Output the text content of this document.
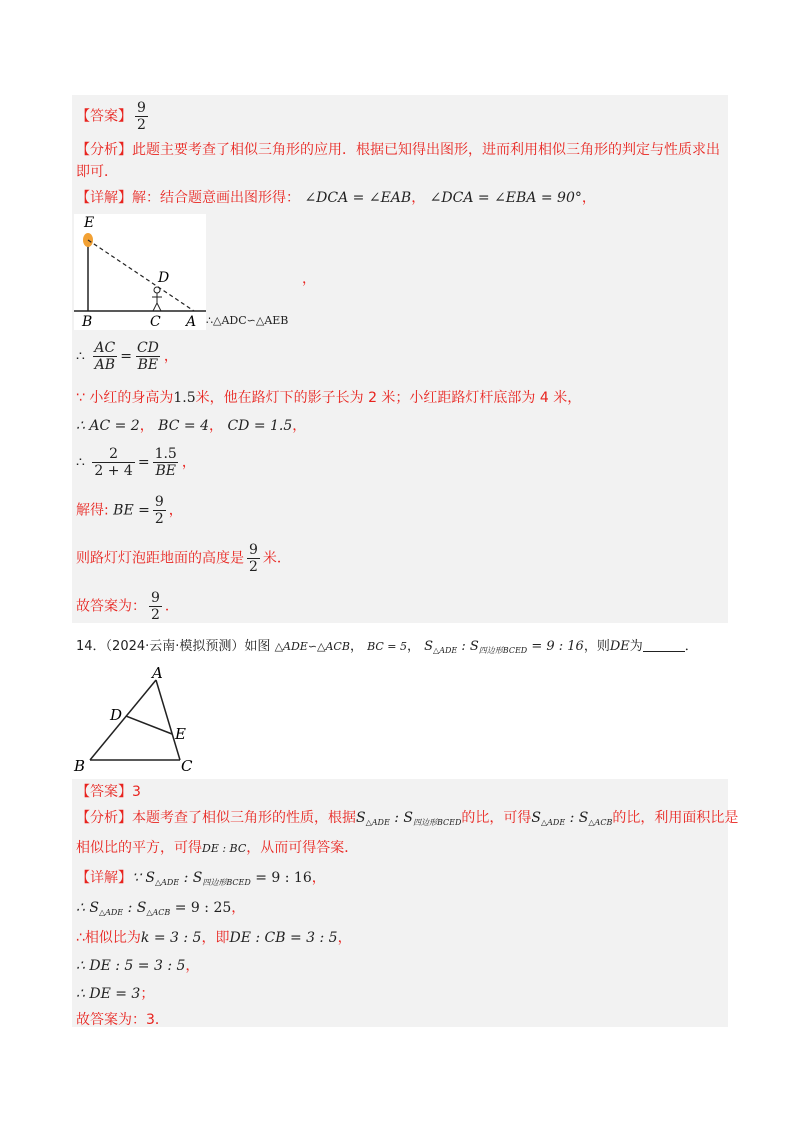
【答案】 $\frac{9}{2}$
【分析】此题主要考查了相似三角形的应用．根据已知得出图形，进而利用相似三角形的判定与性质求出
即可．
【详解】解：结合题意画出图形得： ∠DCA = ∠EAB， ∠DCA = ∠EBA = 90°，
E
D
B	C A
，
∴△ADC∽△AEB
∴ $\frac{AC}{AB} = \frac{CD}{BE}$ ，
∵ 小红的身高为1.5米，他在路灯下的影子长为 2 米；小红距路灯杆底部为 4 米，
∴ AC = 2， BC = 4， CD = 1.5，
∴ $\frac{2}{2 + 4} = \frac{1.5}{BE}$ ，
解得: BE = $\frac{9}{2}$ ，
则路灯灯泡距地面的高度是 $\frac{9}{2}$ 米．
故答案为： $\frac{9}{2}$ ．
14．（2024·云南·模拟预测）如图 △ADE∽△ACB， BC = 5， $S_{\triangle ADE}$ : $S_{四边形BCED} = 9$ : 16，则DE为	．
A
D
E
B	C
【答案】3
【分析】本题考查了相似三角形的性质，根据$S_{\triangle ADE}$ : $S_{四边形BCED}$的比，可得$S_{\triangle ADE}$ : $S_{\triangle ACB}$的比，利用面积比是
相似比的平方，可得DE : BC，从而可得答案．
【详解】∵ $S_{\triangle ADE}$ : $S_{四边形BCED} = 9$ : 16，
∴ $S_{\triangle ADE}$ : $S_{\triangle ACB} = 9$ : 25，
∴相似比为k = 3 : 5，即DE : CB = 3 : 5，
∴ DE : 5 = 3 : 5，
∴ DE = 3；
故答案为：3．
